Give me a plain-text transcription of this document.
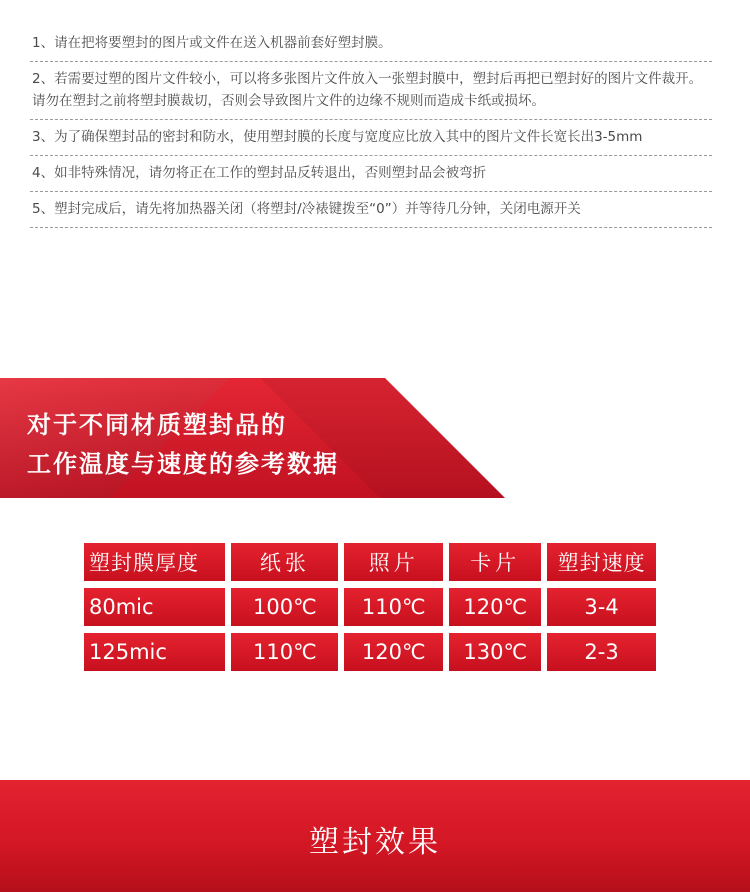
1、请在把将要塑封的图片或文件在送入机器前套好塑封膜。
2、若需要过塑的图片文件较小，可以将多张图片文件放入一张塑封膜中，塑封后再把已塑封好的图片文件裁开。请勿在塑封之前将塑封膜裁切，否则会导致图片文件的边缘不规则而造成卡纸或损坏。
3、为了确保塑封品的密封和防水，使用塑封膜的长度与宽度应比放入其中的图片文件长宽长出3-5mm
4、如非特殊情况，请勿将正在工作的塑封品反转退出，否则塑封品会被弯折
5、塑封完成后，请先将加热器关闭（将塑封/冷裱键拨至“0”）并等待几分钟，关闭电源开关
对于不同材质塑封品的
工作温度与速度的参考数据
塑封膜厚度	纸张	照片	卡片	塑封速度
80mic	100℃	110℃	120℃	3-4
125mic	110℃	120℃	130℃	2-3
塑封效果
